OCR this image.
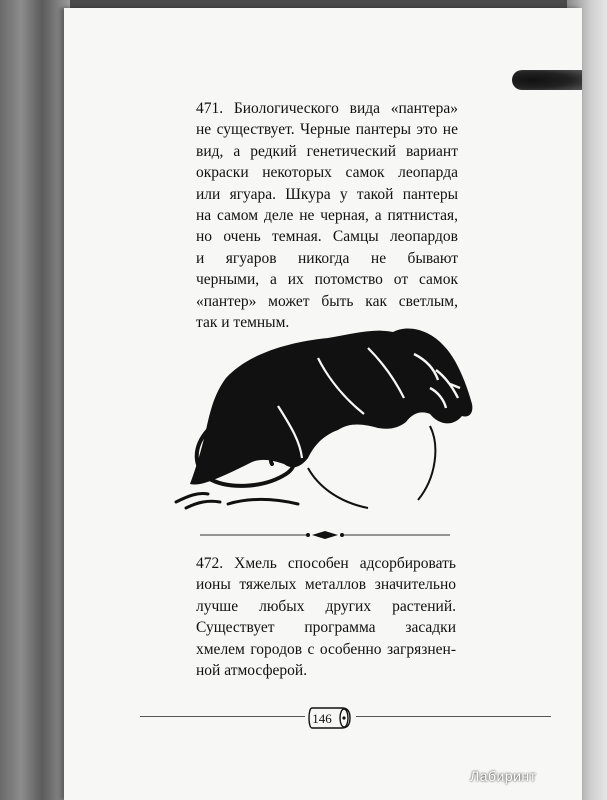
471. Биологического вида «пантера»
не существует. Черные пантеры это не
вид, а редкий генетический вариант
окраски некоторых самок леопарда
или ягуара. Шкура у такой пантеры
на самом деле не черная, а пятнистая,
но очень темная. Самцы леопардов
и ягуаров никогда не бывают
черными, а их потомство от самок
«пантер» может быть как светлым,
так и темным.

472. Хмель способен адсорбировать
ионы тяжелых металлов значительно
лучше любых других растений.
Существует программа засадки
хмелем городов с особенно загрязнен-
ной атмосферой.

146
Лабиринт
